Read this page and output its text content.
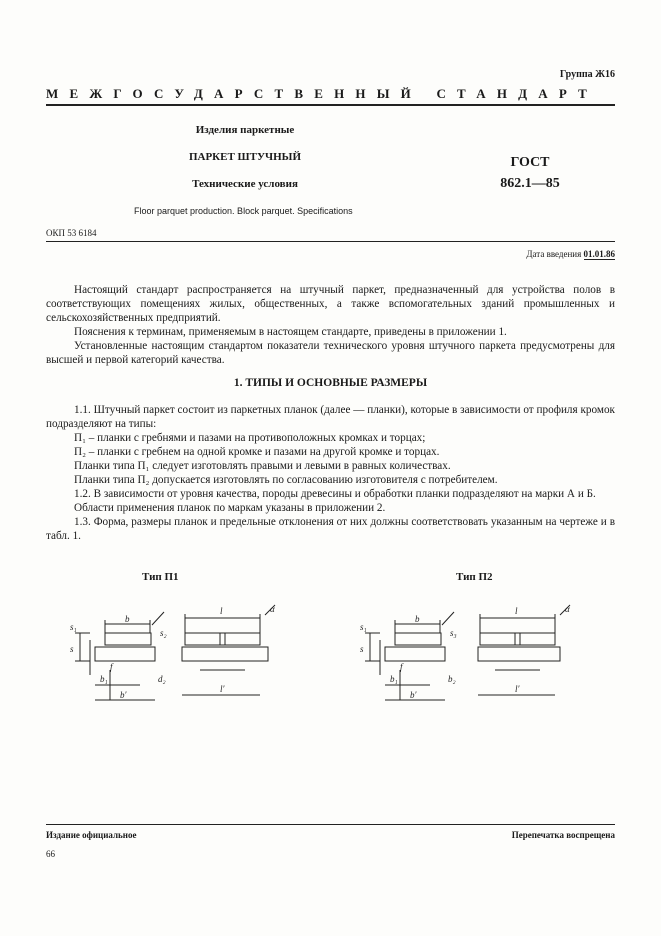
Группа Ж16
МЕЖГОСУДАРСТВЕННЫЙ СТАНДАРТ
Изделия паркетные
ПАРКЕТ ШТУЧНЫЙ
Технические условия
ГОСТ
862.1—85
Floor parquet production. Block parquet. Specifications
ОКП 53 6184
Дата введения 01.01.86

Настоящий стандарт распространяется на штучный паркет, предназначенный для устройства полов в соответствующих помещениях жилых, общественных, а также вспомогательных зданий промышленных и сельскохозяйственных предприятий.

Пояснения к терминам, применяемым в настоящем стандарте, приведены в приложении 1.

Установленные настоящим стандартом показатели технического уровня штучного паркета предусмотрены для высшей и первой категорий качества.

1. ТИПЫ И ОСНОВНЫЕ РАЗМЕРЫ

1.1. Штучный паркет состоит из паркетных планок (далее — планки), которые в зависимости от профиля кромок подразделяют на типы:

П₁ – планки с гребнями и пазами на противоположных кромках и торцах;

П₂ – планки с гребнем на одной кромке и пазами на другой кромке и торцах.

Планки типа П₁ следует изготовлять правыми и левыми в равных количествах.

Планки типа П₂ допускается изготовлять по согласованию изготовителя с потребителем.

1.2. В зависимости от уровня качества, породы древесины и обработки планки подразделяют на марки А и Б.

Области применения планок по маркам указаны в приложении 2.

1.3. Форма, размеры планок и предельные отклонения от них должны соответствовать указанным на чертеже и в табл. 1.

Тип П1	Тип П2
b
l
s₁
s
s₂
f
b₁	d₂
b′
l′
α
b
l
s₁
s
s₃
f
b₁	b₂
b′
l′
α
Издание официальное	Перепечатка воспрещена
66
